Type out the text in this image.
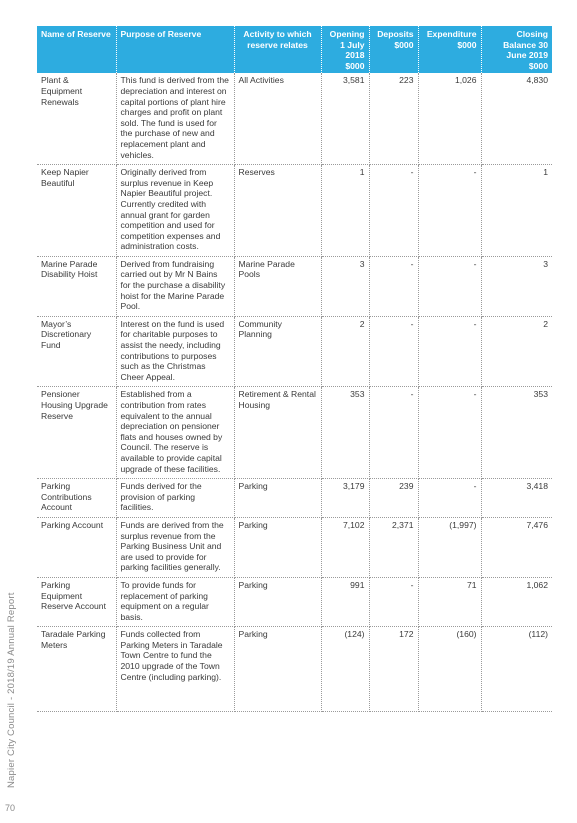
Napier City Council - 2018/19 Annual Report
70
Name of Reserve	Purpose of Reserve	Activity to which reserve relates	Opening 1 July 2018 $000	Deposits $000	Expenditure $000	Closing Balance 30 June 2019 $000
Plant & Equipment Renewals	This fund is derived from the depreciation and interest on capital portions of plant hire charges and profit on plant sold. The fund is used for the purchase of new and replacement plant and vehicles.	All Activities	3,581	223	1,026	4,830
Keep Napier Beautiful	Originally derived from surplus revenue in Keep Napier Beautiful project. Currently credited with annual grant for garden competition and used for competition expenses and administration costs.	Reserves	1	-	-	1
Marine Parade Disability Hoist	Derived from fundraising carried out by Mr N Bains for the purchase a disability hoist for the Marine Parade Pool.	Marine Parade Pools	3	-	-	3
Mayor’s Discretionary Fund	Interest on the fund is used for charitable purposes to assist the needy, including contributions to purposes such as the Christmas Cheer Appeal.	Community Planning	2	-	-	2
Pensioner Housing Upgrade Reserve	Established from a contribution from rates equivalent to the annual depreciation on pensioner flats and houses owned by Council. The reserve is available to provide capital upgrade of these facilities.	Retirement & Rental Housing	353	-	-	353
Parking Contributions Account	Funds derived for the provision of parking facilities.	Parking	3,179	239	-	3,418
Parking Account	Funds are derived from the surplus revenue from the Parking Business Unit and are used to provide for parking facilities generally.	Parking	7,102	2,371	(1,997)	7,476
Parking Equipment Reserve Account	To provide funds for replacement of parking equipment on a regular basis.	Parking	991	-	71	1,062
Taradale Parking Meters	Funds collected from Parking Meters in Taradale Town Centre to fund the 2010 upgrade of the Town Centre (including parking).	Parking	(124)	172	(160)	(112)
